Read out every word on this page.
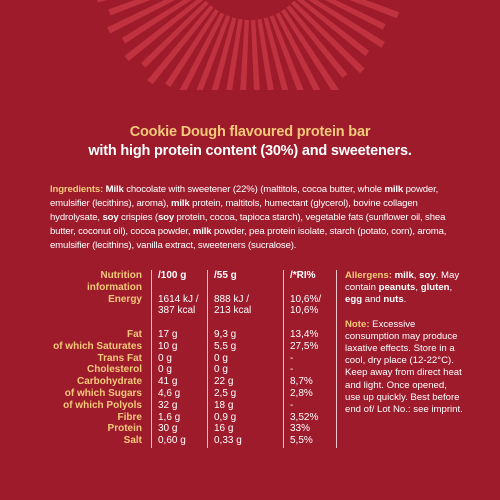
Cookie Dough flavoured protein bar
with high protein content (30%) and sweeteners.
Ingredients: Milk chocolate with sweetener (22%) (maltitols, cocoa butter, whole milk powder, emulsifier (lecithins), aroma), milk protein, maltitols, humectant (glycerol), bovine collagen hydrolysate, soy crispies (soy protein, cocoa, tapioca starch), vegetable fats (sunflower oil, shea butter, coconut oil), cocoa powder, milk powder, pea protein isolate, starch (potato, corn), aroma, emulsifier (lecithins), vanilla extract, sweeteners (sucralose).
Nutrition
information
Energy
Fat
of which Saturates
Trans Fat
Cholesterol
Carbohydrate
of which Sugars
of which Polyols
Fibre
Protein
Salt
/100 g
1614 kJ /
387 kcal
17 g
10 g
0 g
0 g
41 g
4,6 g
32 g
1,6 g
30 g
0,60 g
/55 g
888 kJ /
213 kcal
9,3 g
5,5 g
0 g
0 g
22 g
2,5 g
18 g
0,9 g
16 g
0,33 g
/*RI%
10,6%/
10,6%
13,4%
27,5%
-
-
8,7%
2,8%
-
3,52%
33%
5,5%
Allergens: milk, soy. May contain peanuts, gluten, egg and nuts.
Note: Excessive consumption may produce laxative effects. Store in a cool, dry place (12-22°C). Keep away from direct heat and light. Once opened, use up quickly. Best before end of/ Lot No.: see imprint.
